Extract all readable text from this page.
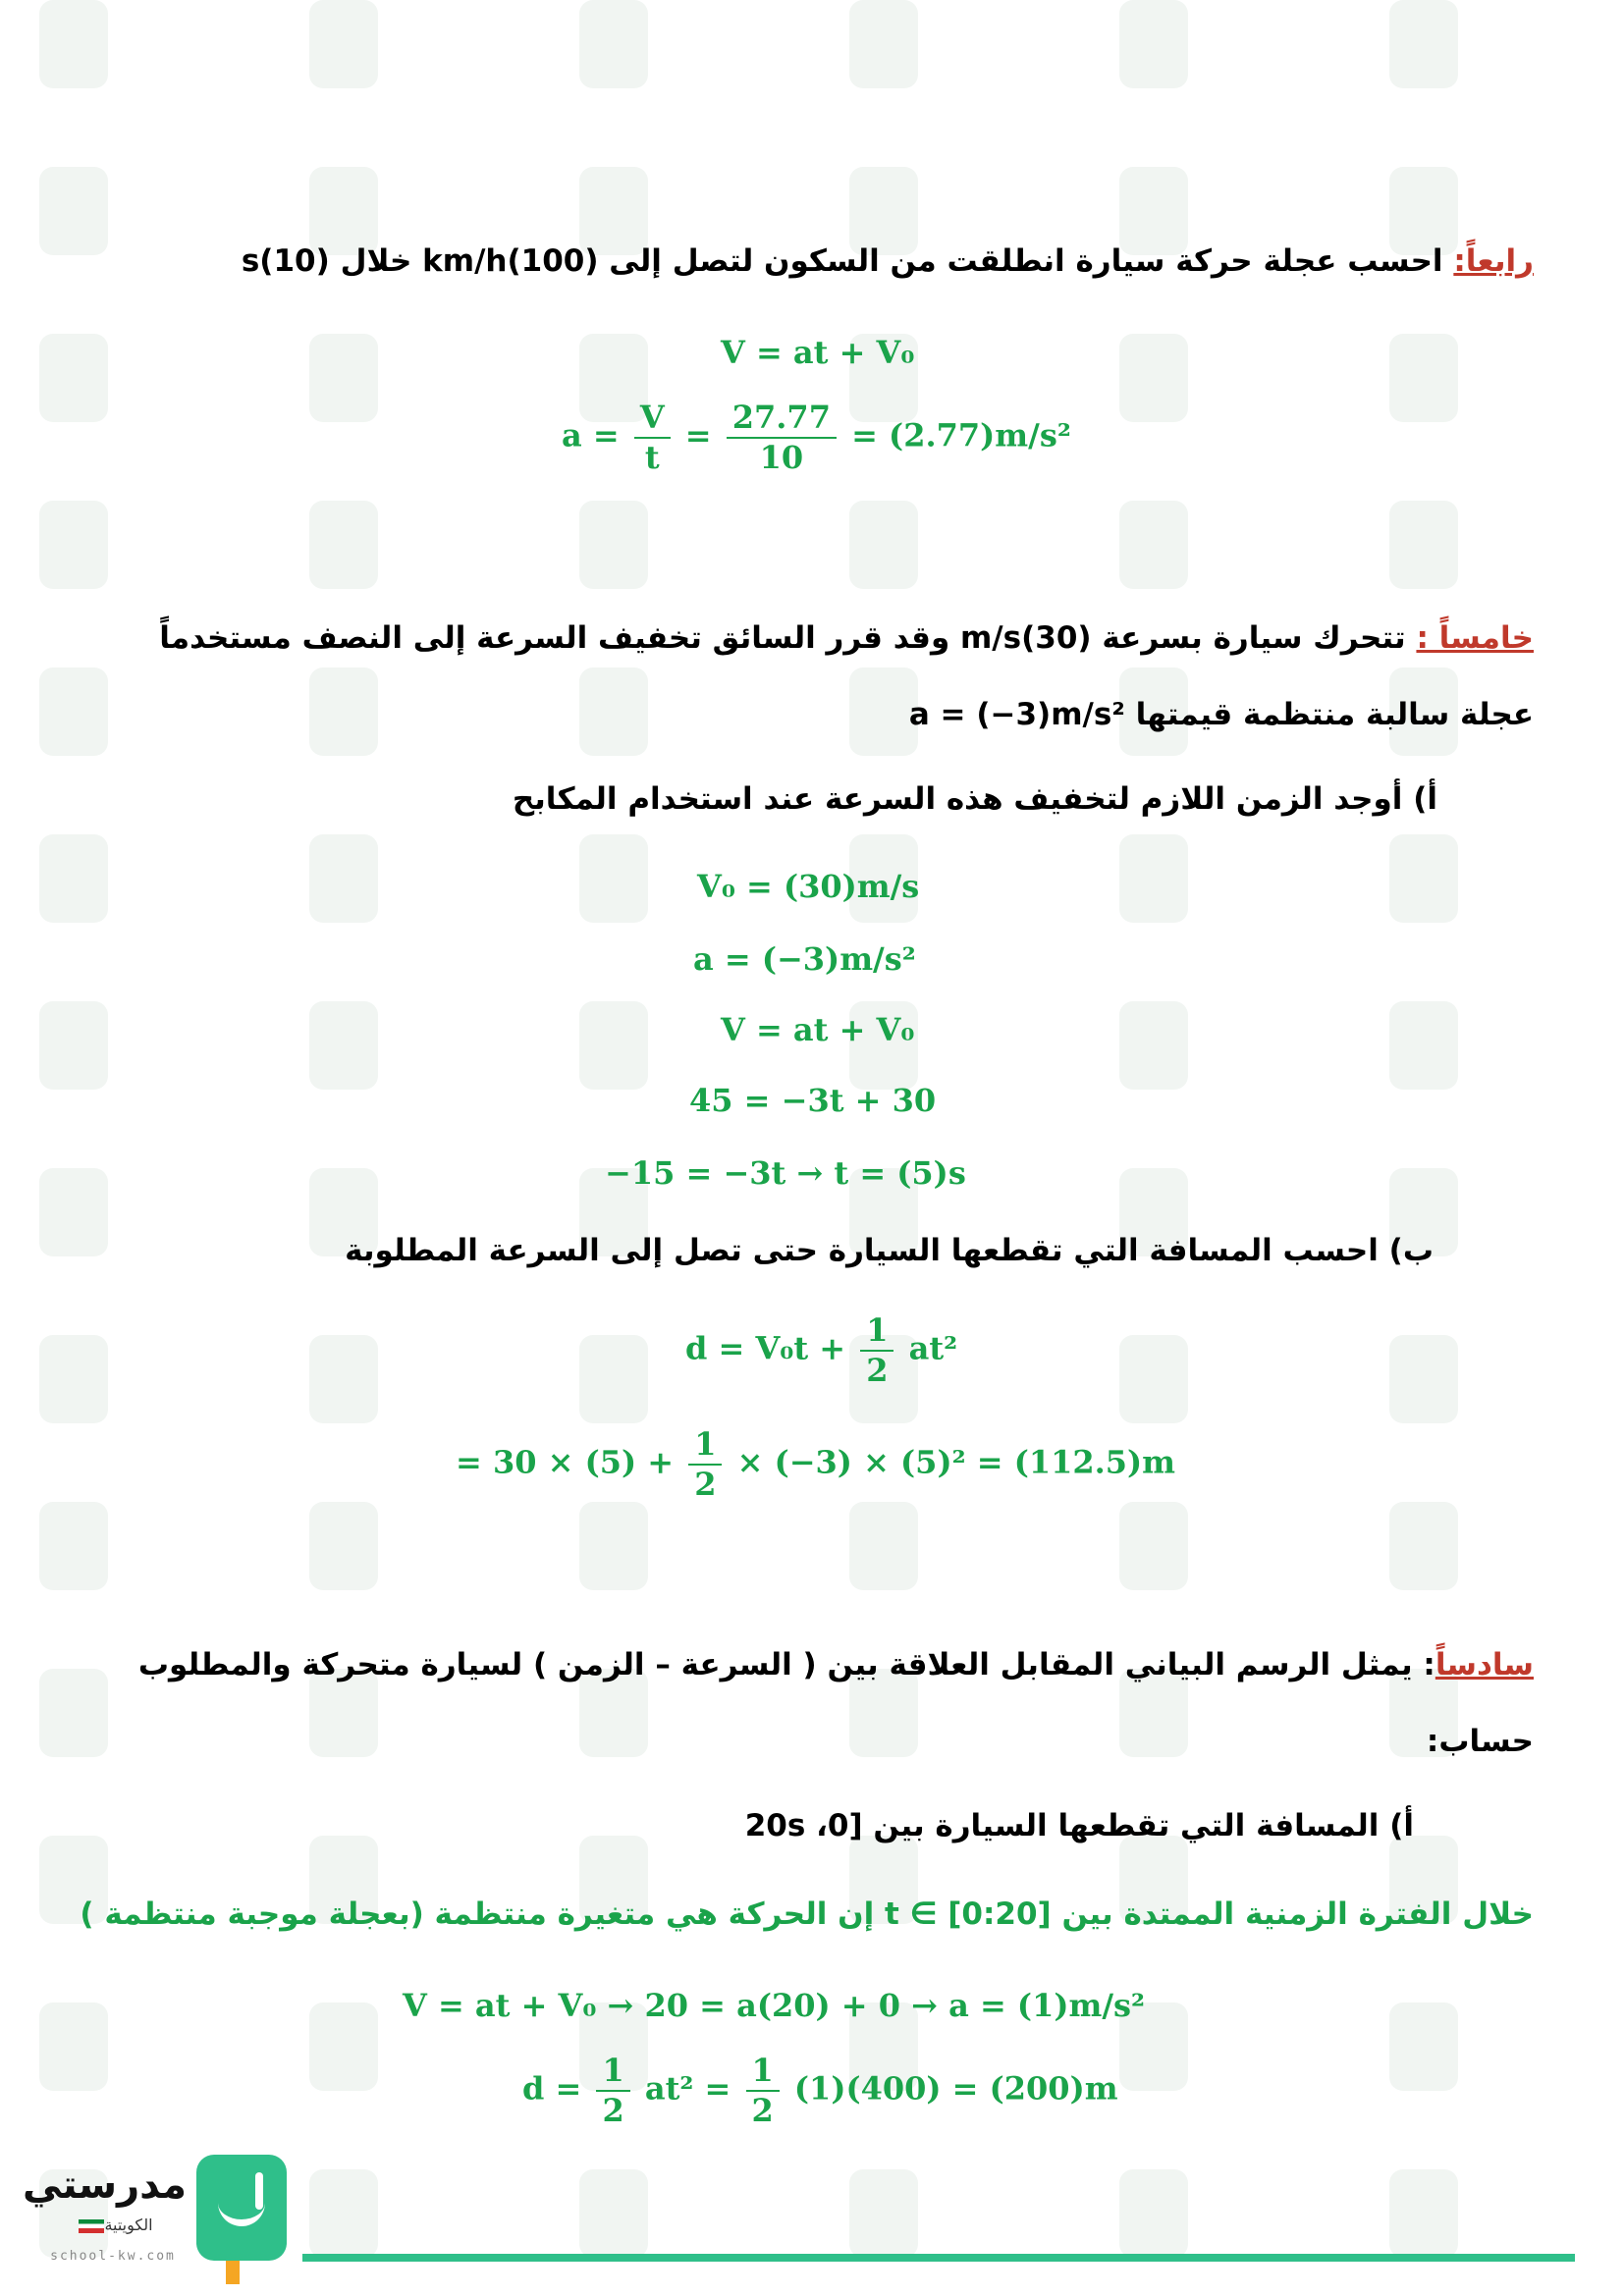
رابعاً: احسب عجلة حركة سيارة انطلقت من السكون لتصل إلى km/h(100) خلال s(10)
V = at + V₀
$a = \frac{V}{t} = \frac{27.77}{10} = (2.77)m/s^2$
خامساً : تتحرك سيارة بسرعة m/s(30) وقد قرر السائق تخفيف السرعة إلى النصف مستخدماً
عجلة سالبة منتظمة قيمتها a = (−3)m/s²
أ) أوجد الزمن اللازم لتخفيف هذه السرعة عند استخدام المكابح
V₀ = (30)m/s
a = (−3)m/s²
V = at + V₀
45 = −3t + 30
−15 = −3t → t = (5)s
ب) احسب المسافة التي تقطعها السيارة حتى تصل إلى السرعة المطلوبة
$d = V_0t + \frac{1}{2} at^2$
= $30 \times (5) + \frac{1}{2} \times (-3) \times (5)^2 = (112.5)m$
سادساً: يمثل الرسم البياني المقابل العلاقة بين ( السرعة – الزمن ) لسيارة متحركة والمطلوب
حساب:
أ) المسافة التي تقطعها السيارة بين [0، 20s
خلال الفترة الزمنية الممتدة بين [0:20] ∋ t إن الحركة هي متغيرة منتظمة (بعجلة موجبة منتظمة )
V = at + V₀ → 20 = a(20) + 0 → a = (1)m/s²
$d = \frac{1}{2} at^2 = \frac{1}{2} (1)(400) = (200)m$
مدرستي
الكويتية
school-kw.com
